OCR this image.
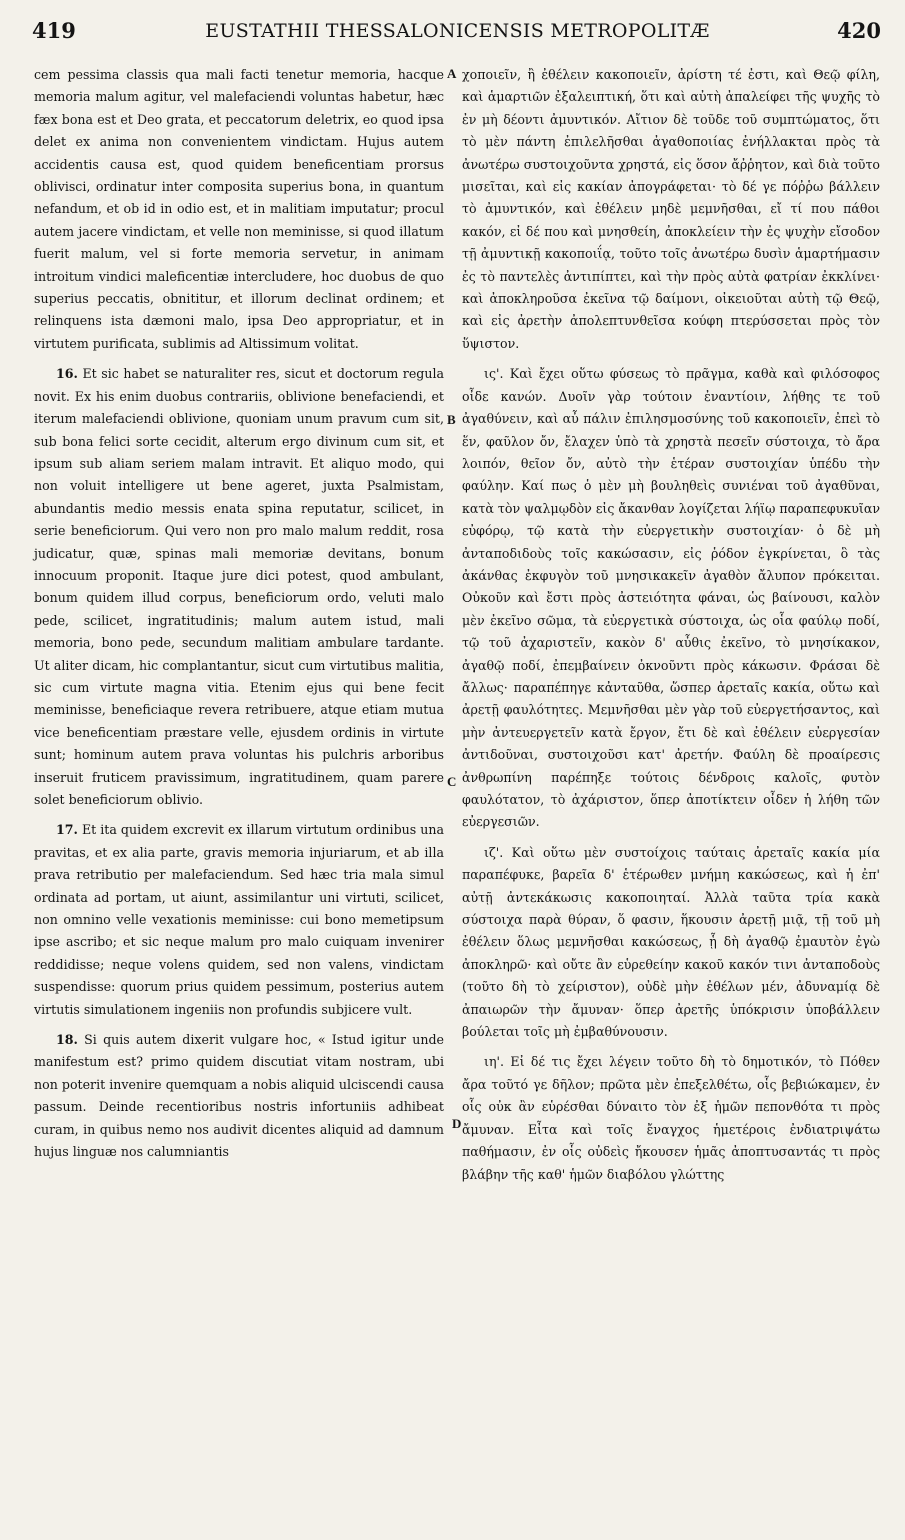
419	EUSTATHII THESSALONICENSIS METROPOLITÆ	420

cem pessima classis qua mali facti tenetur memoria, hacque memoria malum agitur, vel malefaciendi voluntas habetur, hæc fæx bona est et Deo grata, et peccatorum deletrix, eo quod ipsa delet ex anima non convenientem vindictam. Hujus autem accidentis causa est, quod quidem beneficentiam prorsus oblivisci, ordinatur inter composita superius bona, in quantum nefandum, et ob id in odio est, et in malitiam imputatur; procul autem jacere vindictam, et velle non meminisse, si quod illatum fuerit malum, vel si forte memoria servetur, in animam introitum vindici maleficentiæ intercludere, hoc duobus de quo superius peccatis, obnititur, et illorum declinat ordinem; et relinquens ista dæmoni malo, ipsa Deo appropriatur, et in virtutem purificata, sublimis ad Altissimum volitat.

16. Et sic habet se naturaliter res, sicut et doctorum regula novit. Ex his enim duobus contrariis, oblivione benefaciendi, et iterum malefaciendi oblivione, quoniam unum pravum cum sit, sub bona felici sorte cecidit, alterum ergo divinum cum sit, et ipsum sub aliam seriem malam intravit. Et aliquo modo, qui non voluit intelligere ut bene ageret, juxta Psalmistam, abundantis medio messis enata spina reputatur, scilicet, in serie beneficiorum. Qui vero non pro malo malum reddit, rosa judicatur, quæ, spinas mali memoriæ devitans, bonum innocuum proponit. Itaque jure dici potest, quod ambulant, bonum quidem illud corpus, beneficiorum ordo, veluti malo pede, scilicet, ingratitudinis; malum autem istud, mali memoria, bono pede, secundum malitiam ambulare tardante. Ut aliter dicam, hic complantantur, sicut cum virtutibus malitia, sic cum virtute magna vitia. Etenim ejus qui bene fecit meminisse, beneficiaque revera retribuere, atque etiam mutua vice beneficentiam præstare velle, ejusdem ordinis in virtute sunt; hominum autem prava voluntas his pulchris arboribus inseruit fruticem pravissimum, ingratitudinem, quam parere solet beneficiorum oblivio.

17. Et ita quidem excrevit ex illarum virtutum ordinibus una pravitas, et ex alia parte, gravis memoria injuriarum, et ab illa prava retributio per malefaciendum. Sed hæc tria mala simul ordinata ad portam, ut aiunt, assimilantur uni virtuti, scilicet, non omnino velle vexationis meminisse: cui bono memetipsum ipse ascribo; et sic neque malum pro malo cuiquam invenirer reddidisse; neque volens quidem, sed non valens, vindictam suspendisse: quorum prius quidem pessimum, posterius autem virtutis simulationem ingeniis non profundis subjicere vult.

18. Si quis autem dixerit vulgare hoc, « Istud igitur unde manifestum est? primo quidem discutiat vitam nostram, ubi non poterit invenire quemquam a nobis aliquid ulciscendi causa passum. Deinde recentioribus nostris infortuniis adhibeat curam, in quibus nemo nos audivit dicentes aliquid ad damnum hujus linguæ nos calumniantis

A
B
C
D

χοποιεῖν, ἢ ἐθέλειν κακοποιεῖν, ἀρίστη τέ ἐστι, καὶ Θεῷ φίλη, καὶ ἁμαρτιῶν ἐξαλειπτική, ὅτι καὶ αὐτὴ ἀπαλείφει τῆς ψυχῆς τὸ ἐν μὴ δέοντι ἀμυντικόν. Αἴτιον δὲ τοῦδε τοῦ συμπτώματος, ὅτι τὸ μὲν πάντη ἐπιλελῆσθαι ἀγαθοποιίας ἐνήλλακται πρὸς τὰ ἀνωτέρω συστοιχοῦντα χρηστά, εἰς ὅσον ἄῤῥητον, καὶ διὰ τοῦτο μισεῖται, καὶ εἰς κακίαν ἀπογράφεται· τὸ δέ γε πόῤῥω βάλλειν τὸ ἀμυντικόν, καὶ ἐθέλειν μηδὲ μεμνῆσθαι, εἴ τί που πάθοι κακόν, εἰ δέ που καὶ μνησθείη, ἀποκλείειν τὴν ἐς ψυχὴν εἴσοδον τῇ ἀμυντικῇ κακοποιΐᾳ, τοῦτο τοῖς ἀνωτέρω δυσὶν ἁμαρτήμασιν ἐς τὸ παντελὲς ἀντιπίπτει, καὶ τὴν πρὸς αὐτὰ φατρίαν ἐκκλίνει· καὶ ἀποκληροῦσα ἐκεῖνα τῷ δαίμονι, οἰκειοῦται αὐτὴ τῷ Θεῷ, καὶ εἰς ἀρετὴν ἀπολεπτυνθεῖσα κούφη πτερύσσεται πρὸς τὸν ὕψιστον.

ις'. Καὶ ἔχει οὕτω φύσεως τὸ πρᾶγμα, καθὰ καὶ φιλόσοφος οἶδε κανών. Δυοῖν γὰρ τούτοιν ἐναντίοιν, λήθης τε τοῦ ἀγαθύνειν, καὶ αὖ πάλιν ἐπιλησμοσύνης τοῦ κακοποιεῖν, ἐπεὶ τὸ ἕν, φαῦλον ὄν, ἔλαχεν ὑπὸ τὰ χρηστὰ πεσεῖν σύστοιχα, τὸ ἄρα λοιπόν, θεῖον ὄν, αὐτὸ τὴν ἑτέραν συστοιχίαν ὑπέδυ τὴν φαύλην. Καί πως ὁ μὲν μὴ βουληθεὶς συνιέναι τοῦ ἀγαθῦναι, κατὰ τὸν ψαλμῳδὸν εἰς ἄκανθαν λογίζεται λήϊῳ παραπεφυκυῖαν εὐφόρῳ, τῷ κατὰ τὴν εὐεργετικὴν συστοιχίαν· ὁ δὲ μὴ ἀνταποδιδοὺς τοῖς κακώσασιν, εἰς ῥόδον ἐγκρίνεται, ὃ τὰς ἀκάνθας ἐκφυγὸν τοῦ μνησικακεῖν ἀγαθὸν ἄλυπον πρόκειται. Οὐκοῦν καὶ ἔστι πρὸς ἀστειότητα φάναι, ὡς βαίνουσι, καλὸν μὲν ἐκεῖνο σῶμα, τὰ εὐεργετικὰ σύστοιχα, ὡς οἷα φαύλῳ ποδί, τῷ τοῦ ἀχαριστεῖν, κακὸν δ' αὖθις ἐκεῖνο, τὸ μνησίκακον, ἀγαθῷ ποδί, ἐπεμβαίνειν ὀκνοῦντι πρὸς κάκωσιν. Φράσαι δὲ ἄλλως· παραπέπηγε κἀνταῦθα, ὥσπερ ἀρεταῖς κακία, οὕτω καὶ ἀρετῇ φαυλότητες. Μεμνῆσθαι μὲν γὰρ τοῦ εὐεργετήσαντος, καὶ μὴν ἀντευεργετεῖν κατὰ ἔργον, ἔτι δὲ καὶ ἐθέλειν εὐεργεσίαν ἀντιδοῦναι, συστοιχοῦσι κατ' ἀρετήν. Φαύλη δὲ προαίρεσις ἀνθρωπίνη παρέπηξε τούτοις δένδροις καλοῖς, φυτὸν φαυλότατον, τὸ ἀχάριστον, ὅπερ ἀποτίκτειν οἶδεν ἡ λήθη τῶν εὐεργεσιῶν.

ιζ'. Καὶ οὕτω μὲν συστοίχοις ταύταις ἀρεταῖς κακία μία παραπέφυκε, βαρεῖα δ' ἑτέρωθεν μνήμη κακώσεως, καὶ ἡ ἐπ' αὐτῇ ἀντεκάκωσις κακοποιηταί. Ἀλλὰ ταῦτα τρία κακὰ σύστοιχα παρὰ θύραν, ὅ φασιν, ἥκουσιν ἀρετῇ μιᾷ, τῇ τοῦ μὴ ἐθέλειν ὅλως μεμνῆσθαι κακώσεως, ᾗ δὴ ἀγαθῷ ἐμαυτὸν ἐγὼ ἀποκληρῶ· καὶ οὔτε ἂν εὑρεθείην κακοῦ κακόν τινι ἀνταποδοὺς (τοῦτο δὴ τὸ χείριστον), οὐδὲ μὴν ἐθέλων μέν, ἀδυναμίᾳ δὲ ἀπαιωρῶν τὴν ἄμυναν· ὅπερ ἀρετῆς ὑπόκρισιν ὑποβάλλειν βούλεται τοῖς μὴ ἐμβαθύνουσιν.

ιη'. Εἰ δέ τις ἔχει λέγειν τοῦτο δὴ τὸ δημοτικόν, τὸ Πόθεν ἄρα τοῦτό γε δῆλον; πρῶτα μὲν ἐπεξελθέτω, οἷς βεβιώκαμεν, ἐν οἷς οὐκ ἂν εὑρέσθαι δύναιτο τὸν ἐξ ἡμῶν πεπονθότα τι πρὸς ἄμυναν. Εἶτα καὶ τοῖς ἔναγχος ἡμετέροις ἐνδιατριψάτω παθήμασιν, ἐν οἷς οὐδεὶς ἤκουσεν ἡμᾶς ἀποπτυσαντάς τι πρὸς βλάβην τῆς καθ' ἡμῶν διαβόλου γλώττης
